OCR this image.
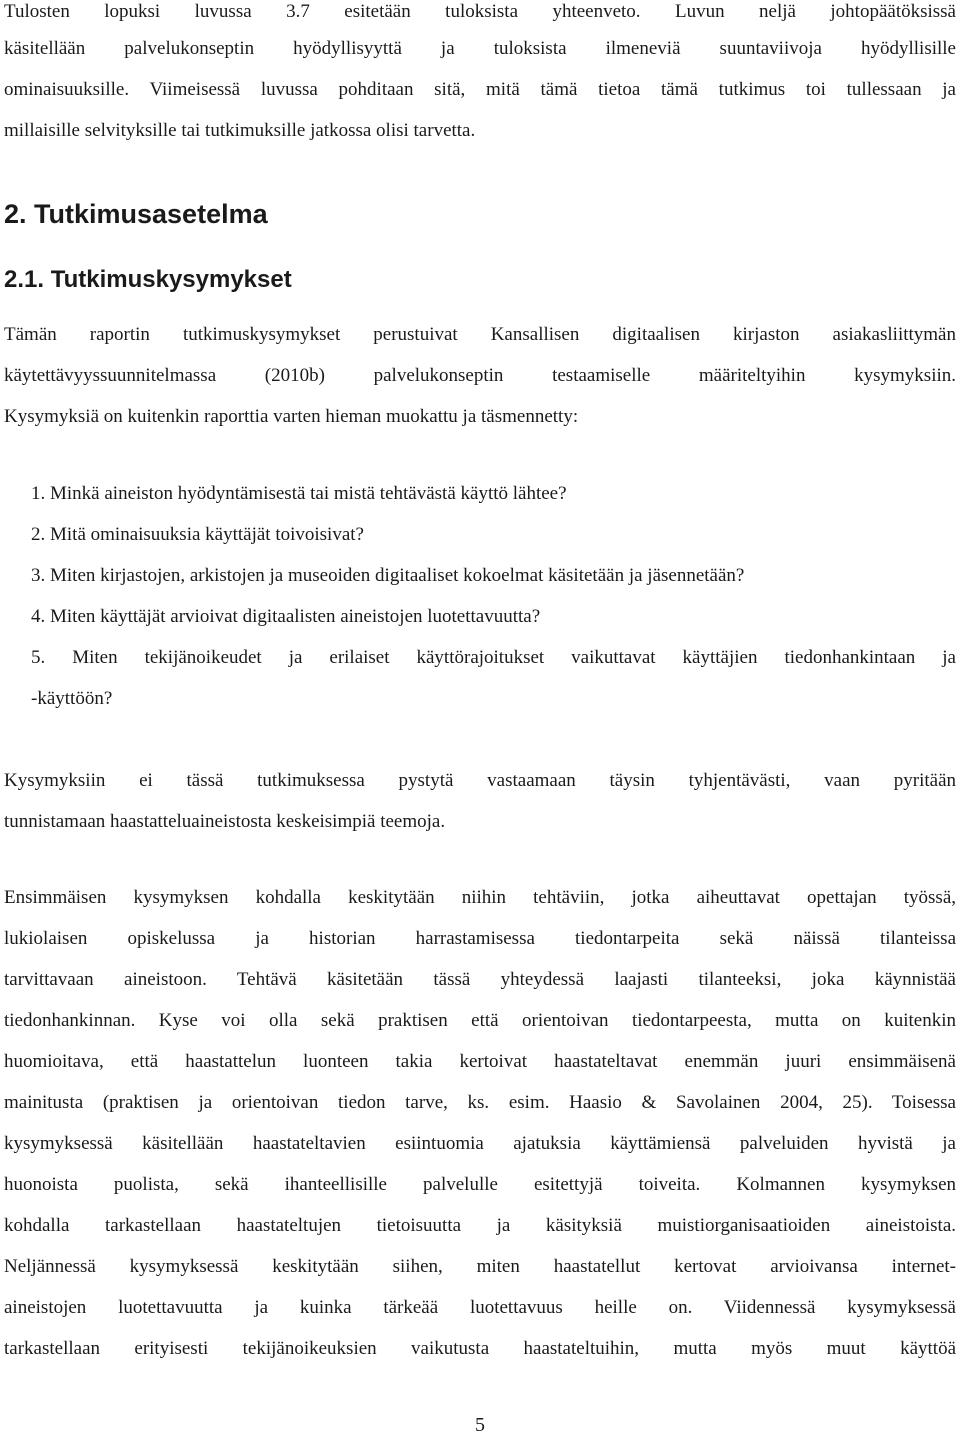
Tulosten lopuksi luvussa 3.7 esitetään tuloksista yhteenveto. Luvun neljä johtopäätöksissä
käsitellään palvelukonseptin hyödyllisyyttä ja tuloksista ilmeneviä suuntaviivoja hyödyllisille
ominaisuuksille. Viimeisessä luvussa pohditaan sitä, mitä tämä tietoa tämä tutkimus toi tullessaan ja
millaisille selvityksille tai tutkimuksille jatkossa olisi tarvetta.
2. Tutkimusasetelma
2.1. Tutkimuskysymykset
Tämän raportin tutkimuskysymykset perustuivat Kansallisen digitaalisen kirjaston asiakasliittymän
käytettävyyssuunnitelmassa (2010b) palvelukonseptin testaamiselle määriteltyihin kysymyksiin.
Kysymyksiä on kuitenkin raporttia varten hieman muokattu ja täsmennetty:
1. Minkä aineiston hyödyntämisestä tai mistä tehtävästä käyttö lähtee?
2. Mitä ominaisuuksia käyttäjät toivoisivat?
3. Miten kirjastojen, arkistojen ja museoiden digitaaliset kokoelmat käsitetään ja jäsennetään?
4. Miten käyttäjät arvioivat digitaalisten aineistojen luotettavuutta?
5. Miten tekijänoikeudet ja erilaiset käyttörajoitukset vaikuttavat käyttäjien tiedonhankintaan ja
-käyttöön?
Kysymyksiin ei tässä tutkimuksessa pystytä vastaamaan täysin tyhjentävästi, vaan pyritään
tunnistamaan haastatteluaineistosta keskeisimpiä teemoja.
Ensimmäisen kysymyksen kohdalla keskitytään niihin tehtäviin, jotka aiheuttavat opettajan työssä,
lukiolaisen opiskelussa ja historian harrastamisessa tiedontarpeita sekä näissä tilanteissa
tarvittavaan aineistoon. Tehtävä käsitetään tässä yhteydessä laajasti tilanteeksi, joka käynnistää
tiedonhankinnan. Kyse voi olla sekä praktisen että orientoivan tiedontarpeesta, mutta on kuitenkin
huomioitava, että haastattelun luonteen takia kertoivat haastateltavat enemmän juuri ensimmäisenä
mainitusta (praktisen ja orientoivan tiedon tarve, ks. esim. Haasio & Savolainen 2004, 25). Toisessa
kysymyksessä käsitellään haastateltavien esiintuomia ajatuksia käyttämiensä palveluiden hyvistä ja
huonoista puolista, sekä ihanteellisille palvelulle esitettyjä toiveita. Kolmannen kysymyksen
kohdalla tarkastellaan haastateltujen tietoisuutta ja käsityksiä muistiorganisaatioiden aineistoista.
Neljännessä kysymyksessä keskitytään siihen, miten haastatellut kertovat arvioivansa internet-
aineistojen luotettavuutta ja kuinka tärkeää luotettavuus heille on. Viidennessä kysymyksessä
tarkastellaan erityisesti tekijänoikeuksien vaikutusta haastateltuihin, mutta myös muut käyttöä
5
